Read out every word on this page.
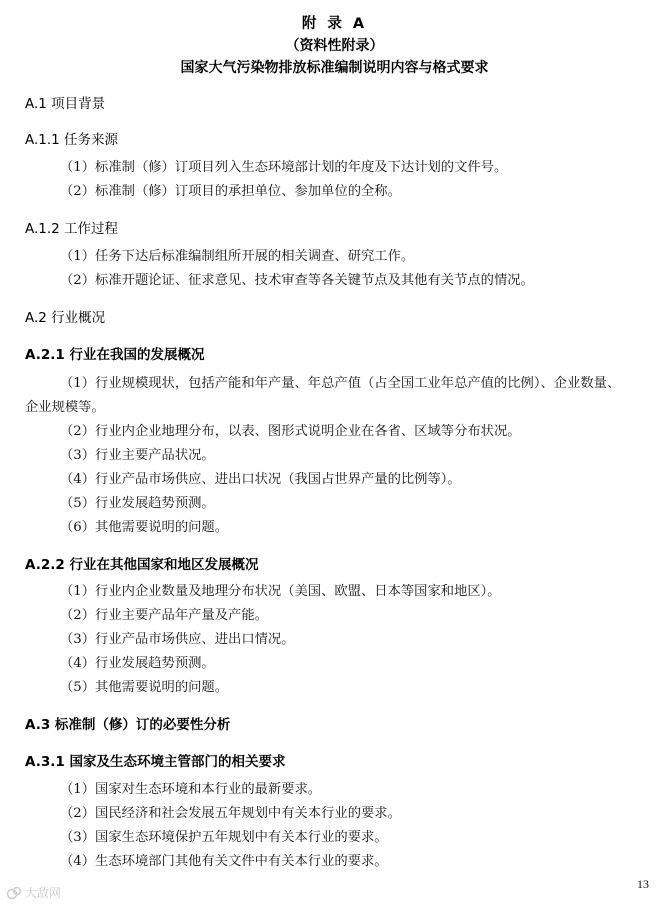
附 录 A
（资料性附录）
国家大气污染物排放标准编制说明内容与格式要求
A.1 项目背景
A.1.1 任务来源
（1）标准制（修）订项目列入生态环境部计划的年度及下达计划的文件号。
（2）标准制（修）订项目的承担单位、参加单位的全称。
A.1.2 工作过程
（1）任务下达后标准编制组所开展的相关调查、研究工作。
（2）标准开题论证、征求意见、技术审查等各关键节点及其他有关节点的情况。
A.2 行业概况
A.2.1 行业在我国的发展概况
（1）行业规模现状，包括产能和年产量、年总产值（占全国工业年总产值的比例）、企业数量、
企业规模等。
（2）行业内企业地理分布，以表、图形式说明企业在各省、区域等分布状况。
（3）行业主要产品状况。
（4）行业产品市场供应、进出口状况（我国占世界产量的比例等）。
（5）行业发展趋势预测。
（6）其他需要说明的问题。
A.2.2 行业在其他国家和地区发展概况
（1）行业内企业数量及地理分布状况（美国、欧盟、日本等国家和地区）。
（2）行业主要产品年产量及产能。
（3）行业产品市场供应、进出口情况。
（4）行业发展趋势预测。
（5）其他需要说明的问题。
A.3 标准制（修）订的必要性分析
A.3.1 国家及生态环境主管部门的相关要求
（1）国家对生态环境和本行业的最新要求。
（2）国民经济和社会发展五年规划中有关本行业的要求。
（3）国家生态环境保护五年规划中有关本行业的要求。
（4）生态环境部门其他有关文件中有关本行业的要求。
13
大敌网
